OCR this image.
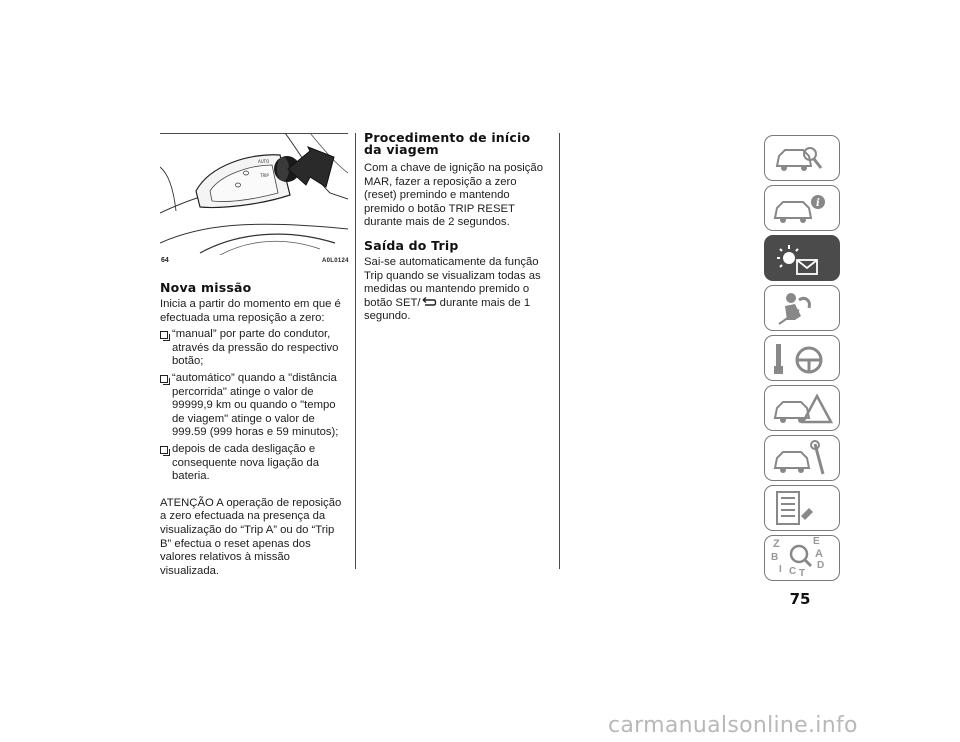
AUTO
TRIP
64	A0L0124
Nova missão
Inicia a partir do momento em que é efectuada uma reposição a zero:
“manual” por parte do condutor, através da pressão do respectivo botão;
“automático” quando a "distância percorrida" atinge o valor de 99999,9 km ou quando o "tempo de viagem" atinge o valor de 999.59 (999 horas e 59 minutos);
depois de cada desligação e consequente nova ligação da bateria.
ATENÇÃO A operação de reposição a zero efectuada na presença da visualização do “Trip A” ou do “Trip B” efectua o reset apenas dos valores relativos à missão visualizada.
Procedimento de início
da viagem
Com a chave de ignição na posição MAR, fazer a reposição a zero (reset) premindo e mantendo premido o botão TRIP RESET durante mais de 2 segundos.
Saída do Trip
Sai-se automaticamente da função Trip quando se visualizam todas as medidas ou mantendo premido o botão SET/ durante mais de 1 segundo.
i
Z	E
B	A
I C T
D
75
carmanualsonline.info
